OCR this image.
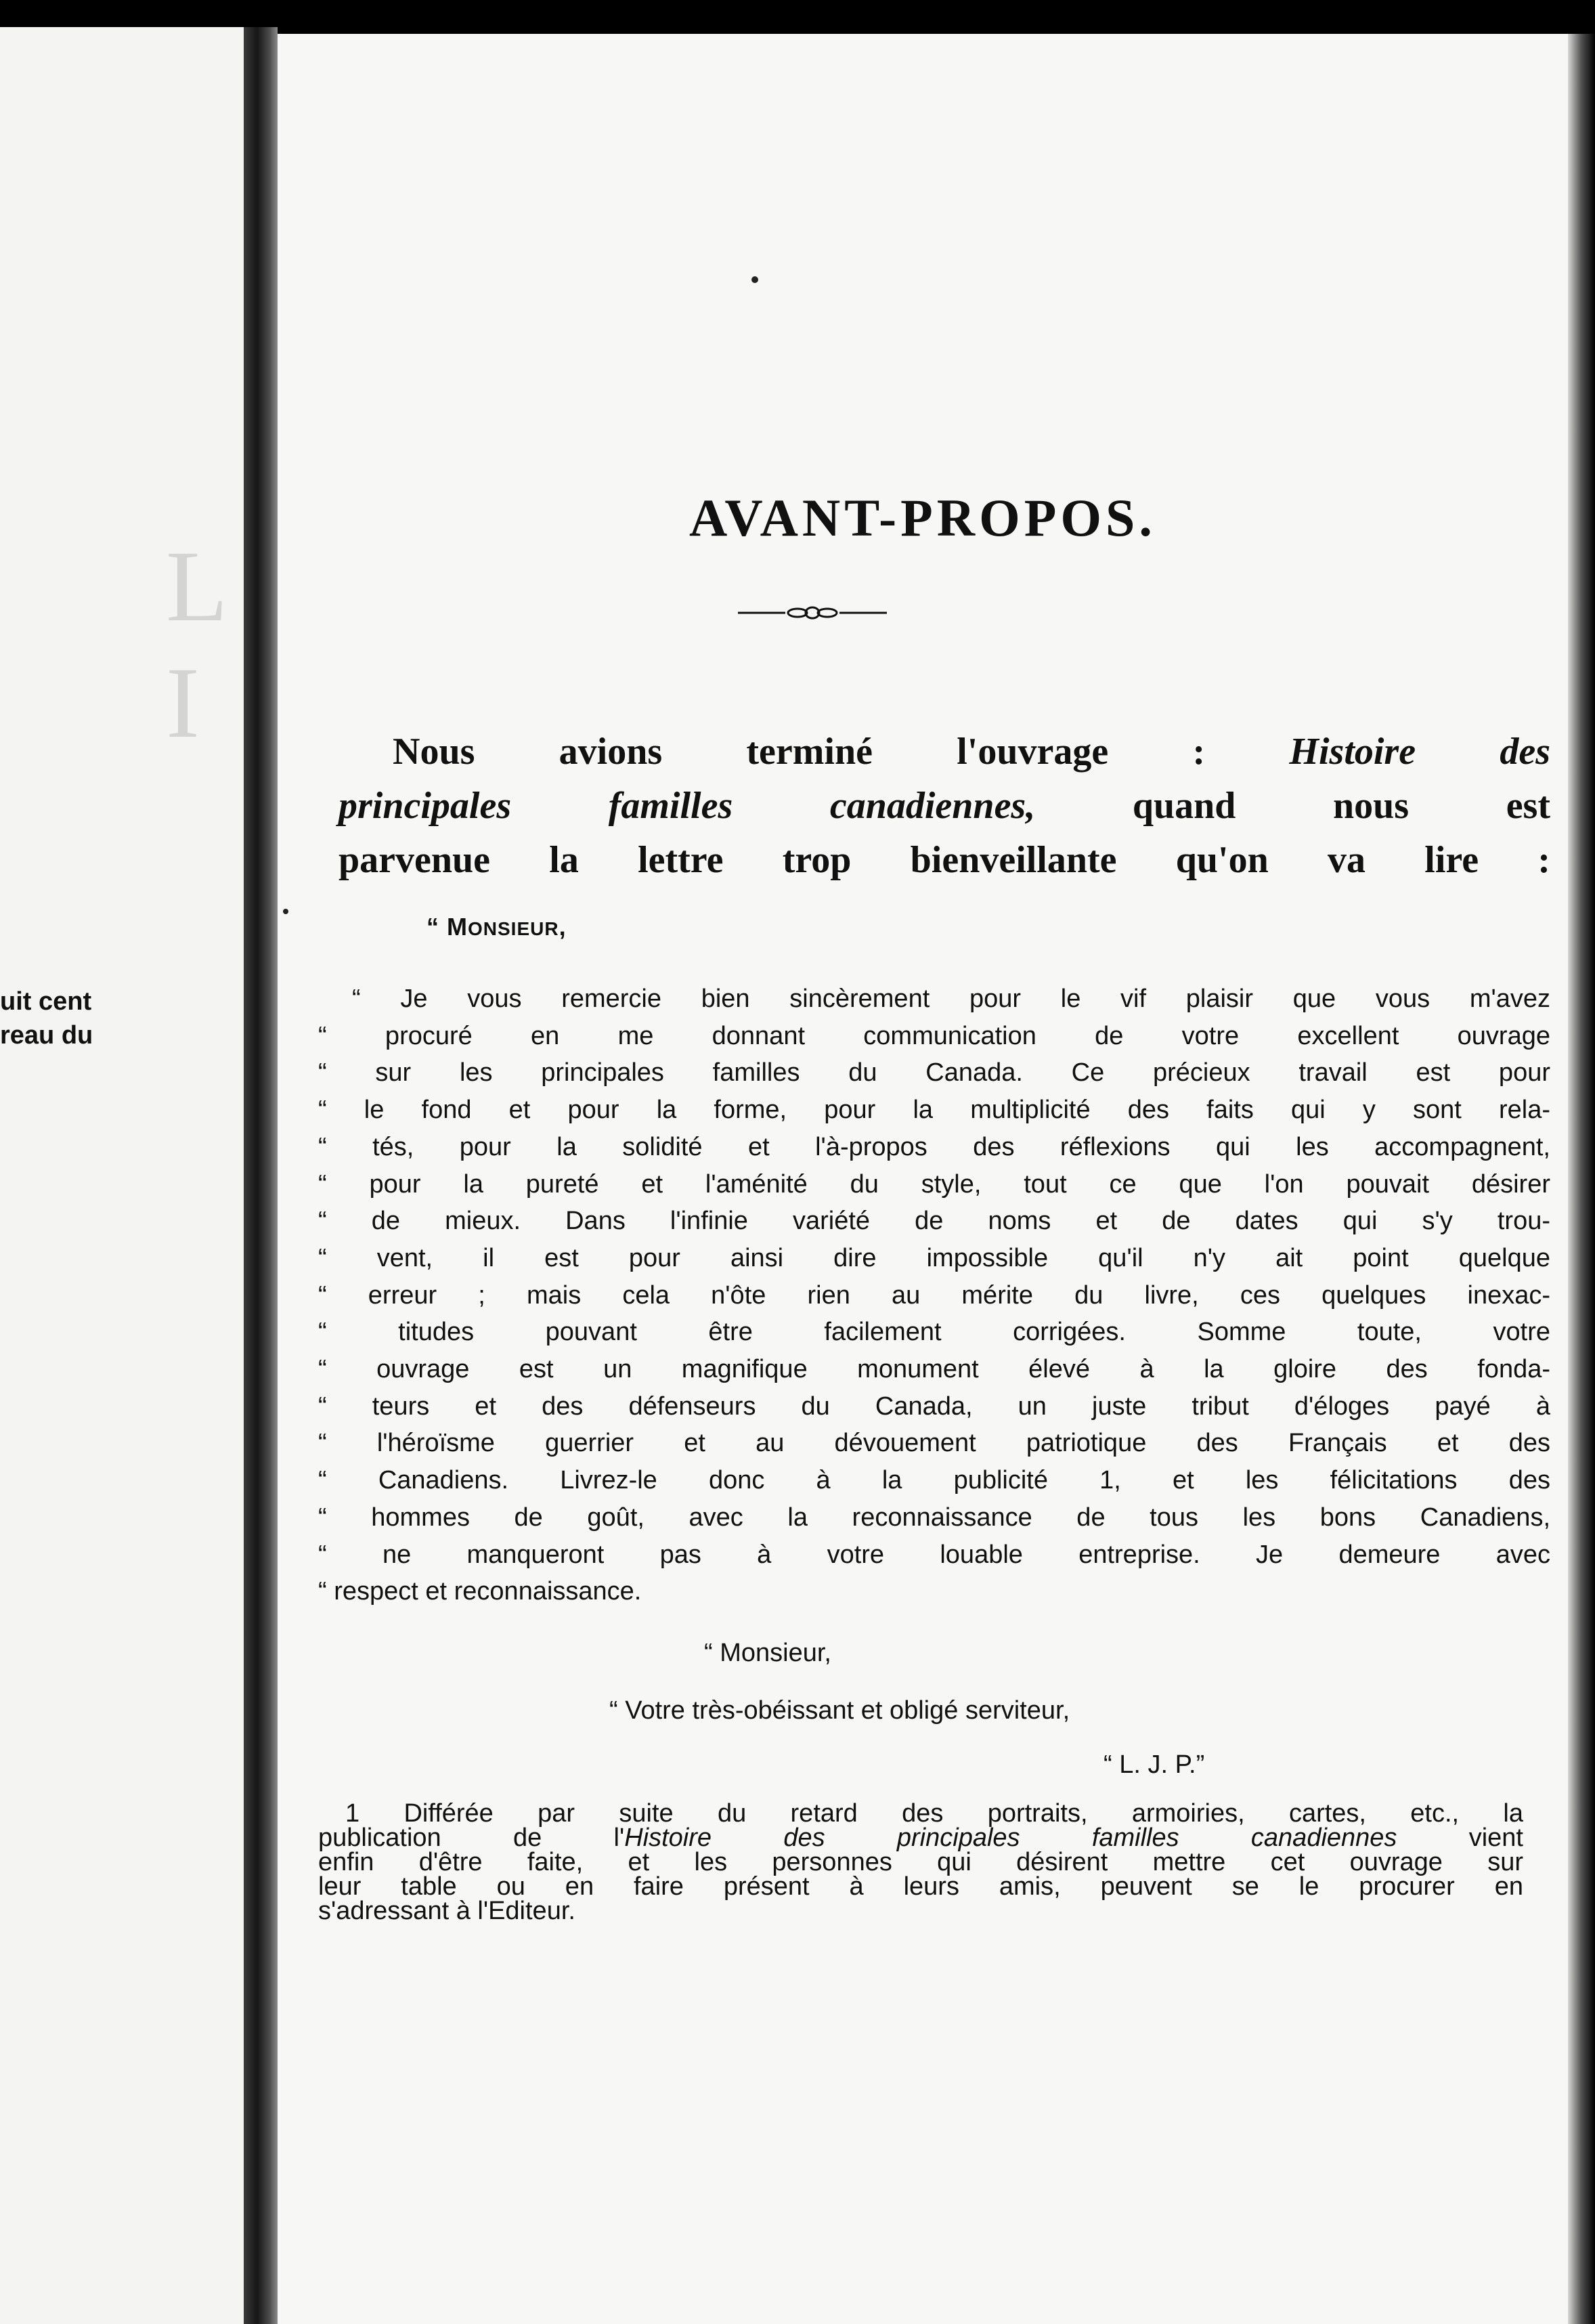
L I
uit cent
reau du
AVANT-PROPOS.
Nous avions terminé l'ouvrage : Histoire des
principales familles canadiennes, quand nous est
parvenue la lettre trop bienveillante qu'on va lire :
“ MONSIEUR,
“ Je vous remercie bien sincèrement pour le vif plaisir que vous m'avez
“ procuré en me donnant communication de votre excellent ouvrage
“ sur les principales familles du Canada. Ce précieux travail est pour
“ le fond et pour la forme, pour la multiplicité des faits qui y sont rela-
“ tés, pour la solidité et l'à-propos des réflexions qui les accompagnent,
“ pour la pureté et l'aménité du style, tout ce que l'on pouvait désirer
“ de mieux. Dans l'infinie variété de noms et de dates qui s'y trou-
“ vent, il est pour ainsi dire impossible qu'il n'y ait point quelque
“ erreur ; mais cela n'ôte rien au mérite du livre, ces quelques inexac-
“ titudes pouvant être facilement corrigées. Somme toute, votre
“ ouvrage est un magnifique monument élevé à la gloire des fonda-
“ teurs et des défenseurs du Canada, un juste tribut d'éloges payé à
“ l'héroïsme guerrier et au dévouement patriotique des Français et des
“ Canadiens. Livrez-le donc à la publicité 1, et les félicitations des
“ hommes de goût, avec la reconnaissance de tous les bons Canadiens,
“ ne manqueront pas à votre louable entreprise. Je demeure avec
“ respect et reconnaissance.
“ Monsieur,
“ Votre très-obéissant et obligé serviteur,
“ L. J. P.”
1 Différée par suite du retard des portraits, armoiries, cartes, etc., la
publication de l'Histoire des principales familles canadiennes vient
enfin d'être faite, et les personnes qui désirent mettre cet ouvrage sur
leur table ou en faire présent à leurs amis, peuvent se le procurer en
s'adressant à l'Editeur.
